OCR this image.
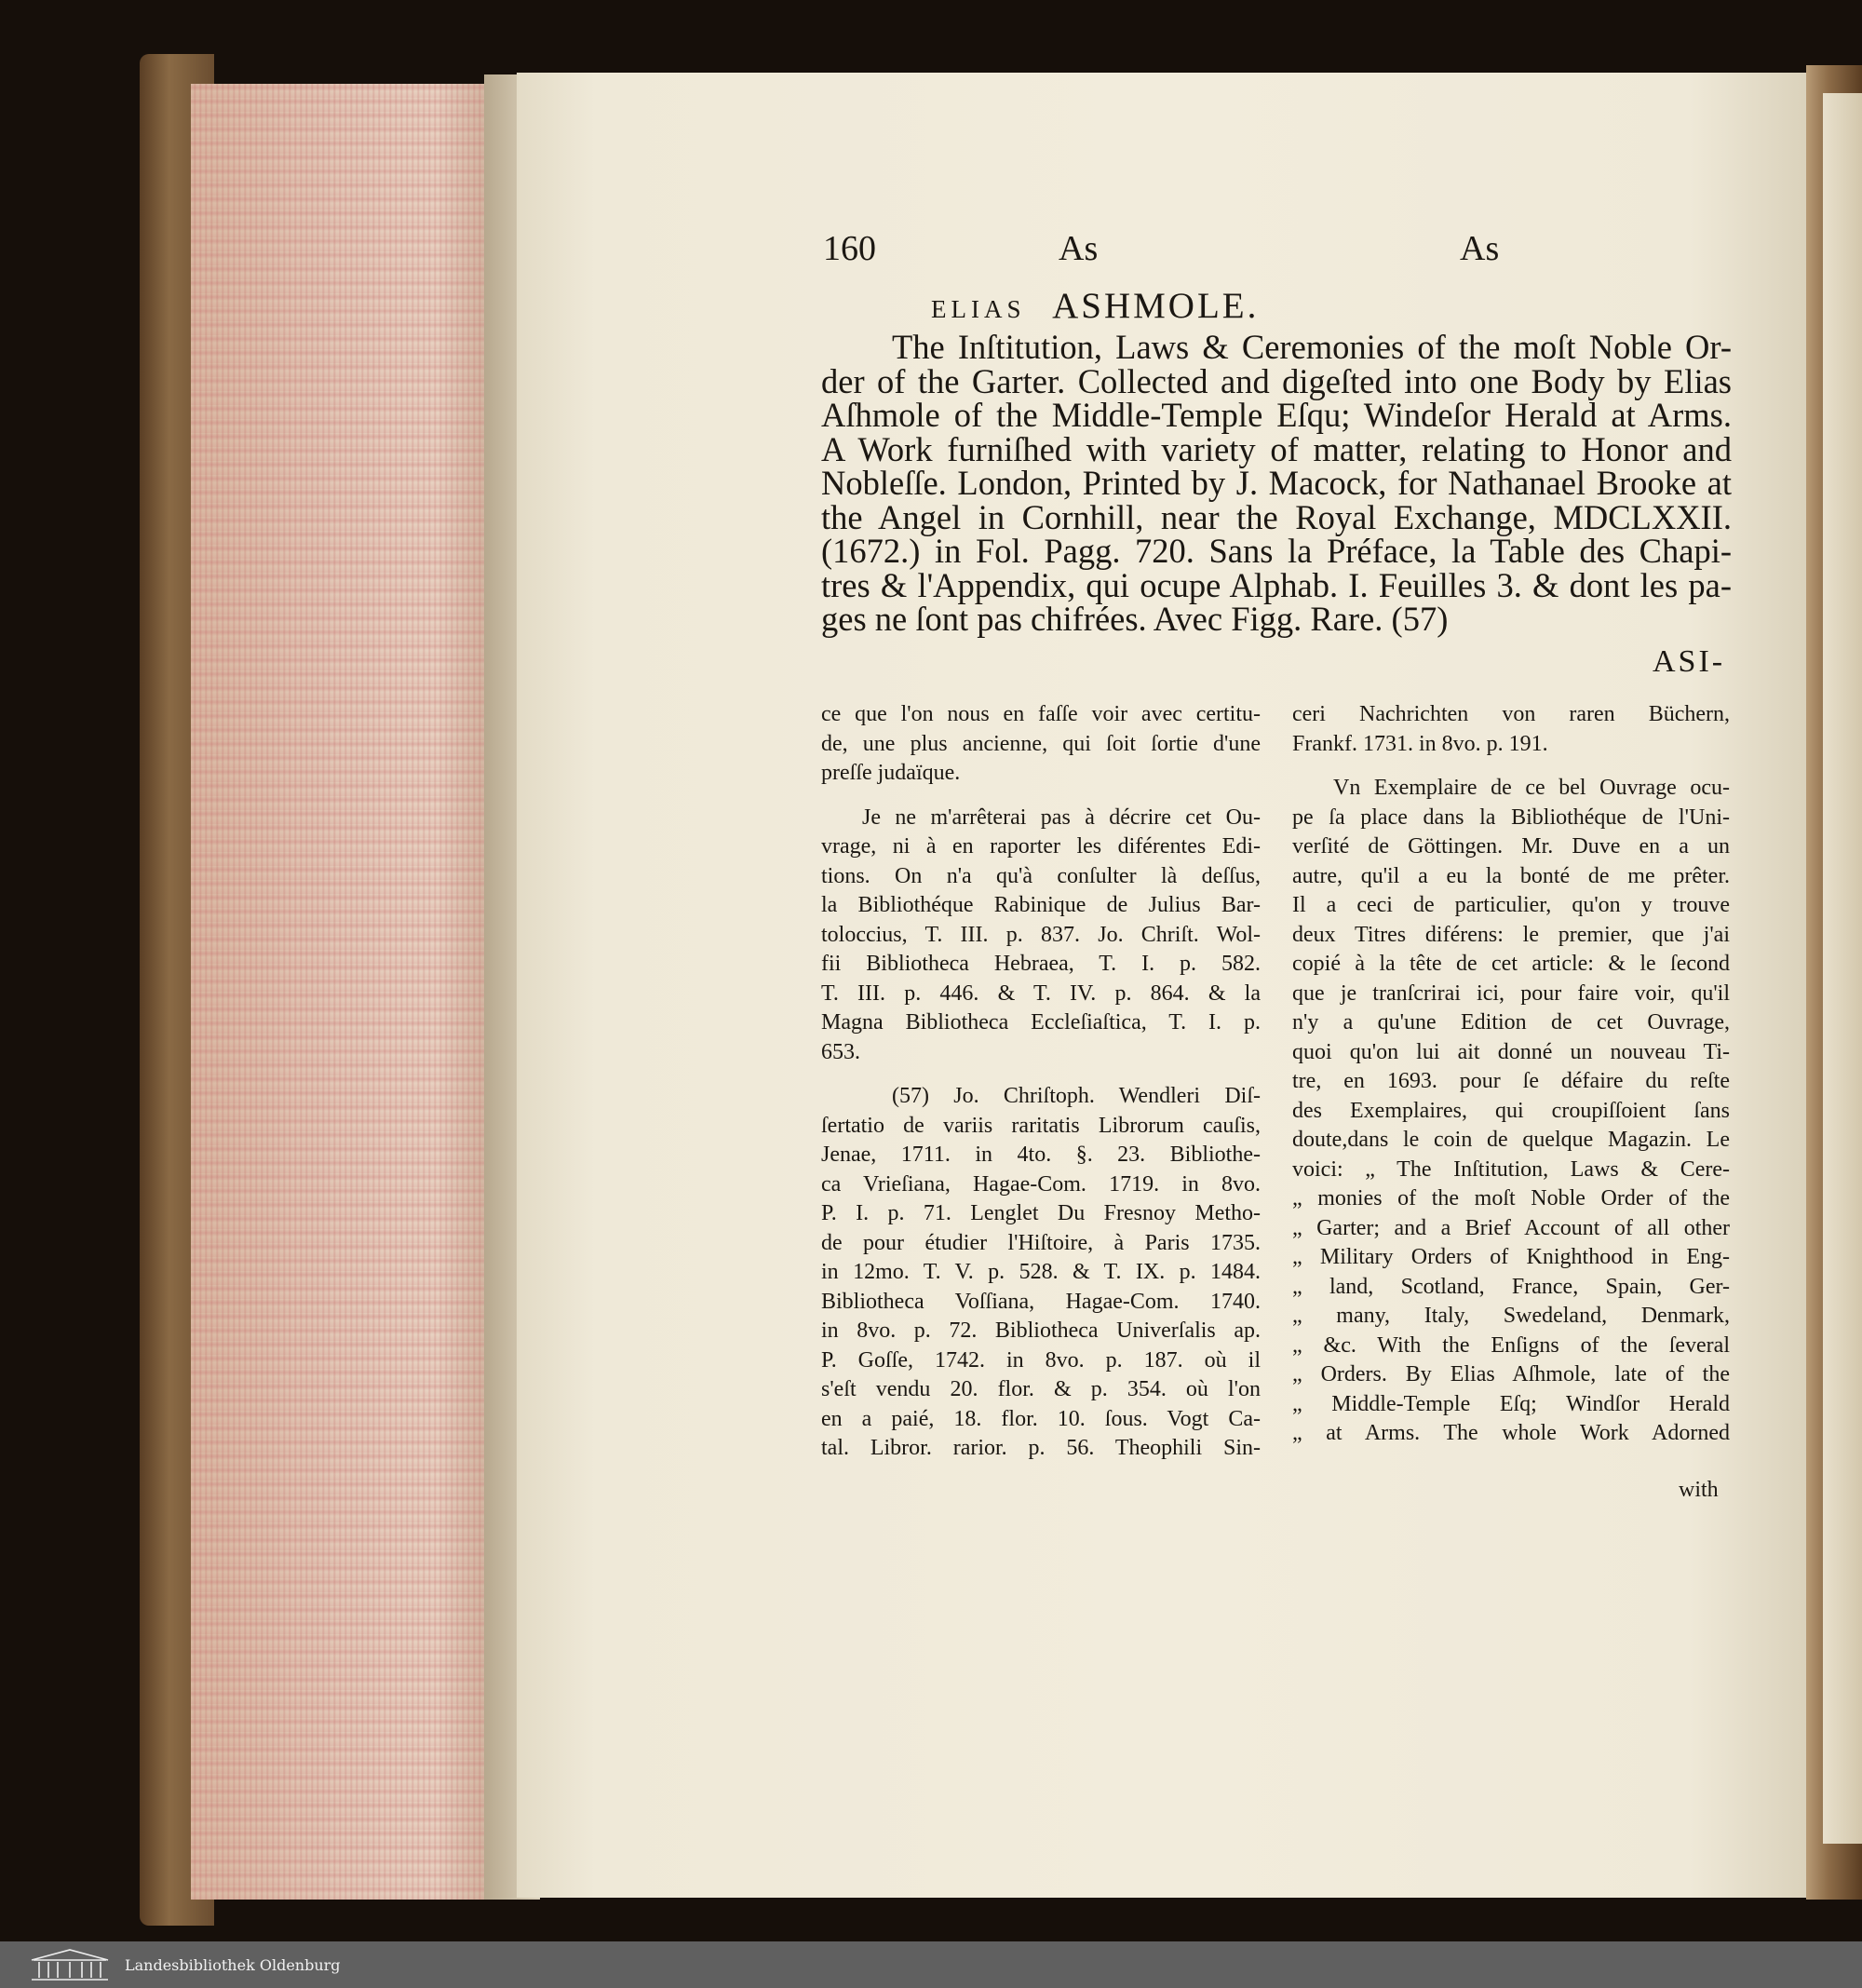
160	As	As
ELIAS ASHMOLE.
The Inſtitution, Laws & Ceremonies of the moſt Noble Or-
der of the Garter. Collected and digeſted into one Body by Elias
Aſhmole of the Middle-Temple Eſqu; Windeſor Herald at Arms.
A Work furniſhed with variety of matter, relating to Honor and
Nobleſſe. London, Printed by J. Macock, for Nathanael Brooke at
the Angel in Cornhill, near the Royal Exchange, MDCLXXII.
(1672.) in Fol. Pagg. 720. Sans la Préface, la Table des Chapi-
tres & l'Appendix, qui ocupe Alphab. I. Feuilles 3. & dont les pa-
ges ne ſont pas chifrées. Avec Figg. Rare. (57)
ASI-
ce que l'on nous en faſſe voir avec certitu-
de, une plus ancienne, qui ſoit ſortie d'une
preſſe judaïque.
Je ne m'arrêterai pas à décrire cet Ou-
vrage, ni à en raporter les diférentes Edi-
tions. On n'a qu'à conſulter là deſſus,
la Bibliothéque Rabinique de Julius Bar-
toloccius, T. III. p. 837. Jo. Chriſt. Wol-
fii Bibliotheca Hebraea, T. I. p. 582.
T. III. p. 446. & T. IV. p. 864. & la
Magna Bibliotheca Eccleſiaſtica, T. I. p.
653.
(57) Jo. Chriſtoph. Wendleri Diſ-
ſertatio de variis raritatis Librorum cauſis,
Jenae, 1711. in 4to. §. 23. Bibliothe-
ca Vrieſiana, Hagae-Com. 1719. in 8vo.
P. I. p. 71. Lenglet Du Fresnoy Metho-
de pour étudier l'Hiſtoire, à Paris 1735.
in 12mo. T. V. p. 528. & T. IX. p. 1484.
Bibliotheca Voſſiana, Hagae-Com. 1740.
in 8vo. p. 72. Bibliotheca Univerſalis ap.
P. Goſſe, 1742. in 8vo. p. 187. où il
s'eſt vendu 20. flor. & p. 354. où l'on
en a paié, 18. flor. 10. ſous. Vogt Ca-
tal. Libror. rarior. p. 56. Theophili Sin-
ceri Nachrichten von raren Büchern,
Frankf. 1731. in 8vo. p. 191.
Vn Exemplaire de ce bel Ouvrage ocu-
pe ſa place dans la Bibliothéque de l'Uni-
verſité de Göttingen. Mr. Duve en a un
autre, qu'il a eu la bonté de me prêter.
Il a ceci de particulier, qu'on y trouve
deux Titres diférens: le premier, que j'ai
copié à la tête de cet article: & le ſecond
que je tranſcrirai ici, pour faire voir, qu'il
n'y a qu'une Edition de cet Ouvrage,
quoi qu'on lui ait donné un nouveau Ti-
tre, en 1693. pour ſe défaire du reſte
des Exemplaires, qui croupiſſoient ſans
doute,dans le coin de quelque Magazin. Le
voici: „ The Inſtitution, Laws & Cere-
„ monies of the moſt Noble Order of the
„ Garter; and a Brief Account of all other
„ Military Orders of Knighthood in Eng-
„ land, Scotland, France, Spain, Ger-
„ many, Italy, Swedeland, Denmark,
„ &c. With the Enſigns of the ſeveral
„ Orders. By Elias Aſhmole, late of the
„ Middle-Temple Eſq; Windſor Herald
„ at Arms. The whole Work Adorned
with
Landesbibliothek Oldenburg
